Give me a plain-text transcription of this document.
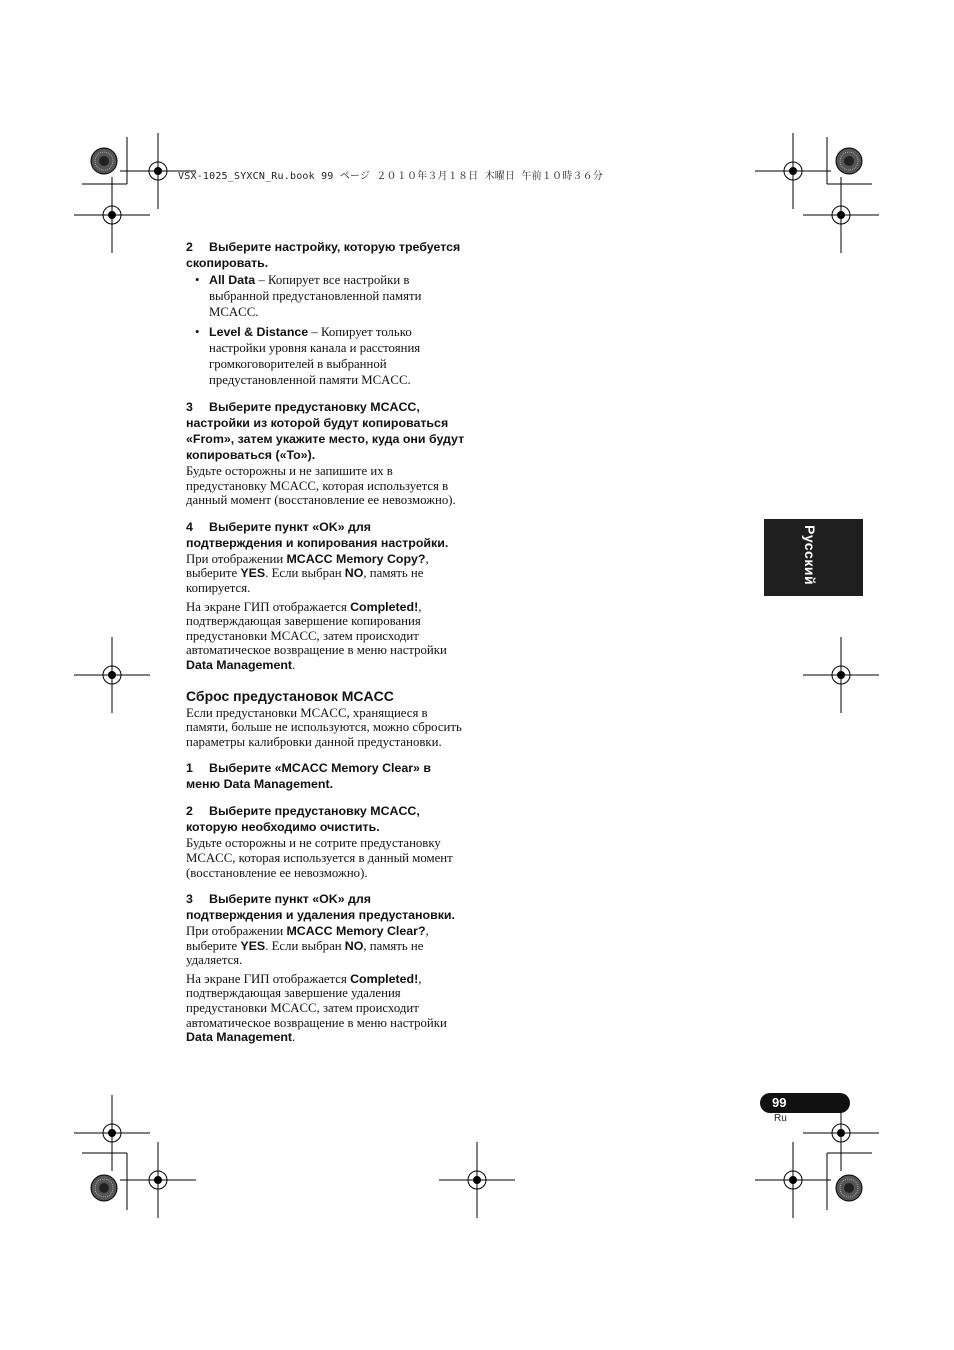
VSX-1025_SYXCN_Ru.book 99 ページ ２０１０年３月１８日 木曜日 午前１０時３６分
Русский
2 Выберите настройку, которую требуется скопировать.
• All Data – Копирует все настройки в выбранной предустановленной памяти MCACC.
• Level & Distance – Копирует только настройки уровня канала и расстояния громкоговорителей в выбранной предустановленной памяти MCACC.
3 Выберите предустановку MCACC, настройки из которой будут копироваться «From», затем укажите место, куда они будут копироваться («To»).
Будьте осторожны и не запишите их в предустановку MCACC, которая используется в данный момент (восстановление ее невозможно).
4 Выберите пункт «OK» для подтверждения и копирования настройки.
При отображении MCACC Memory Copy?, выберите YES. Если выбран NO, память не копируется.
На экране ГИП отображается Completed!, подтверждающая завершение копирования предустановки MCACC, затем происходит автоматическое возвращение в меню настройки Data Management.
Сброс предустановок MCACC
Если предустановки MCACC, хранящиеся в памяти, больше не используются, можно сбросить параметры калибровки данной предустановки.
1 Выберите «MCACC Memory Clear» в меню Data Management.
2 Выберите предустановку MCACC, которую необходимо очистить.
Будьте осторожны и не сотрите предустановку MCACC, которая используется в данный момент (восстановление ее невозможно).
3 Выберите пункт «OK» для подтверждения и удаления предустановки.
При отображении MCACC Memory Clear?, выберите YES. Если выбран NO, память не удаляется.
На экране ГИП отображается Completed!, подтверждающая завершение удаления предустановки MCACC, затем происходит автоматическое возвращение в меню настройки Data Management.
99
Ru
